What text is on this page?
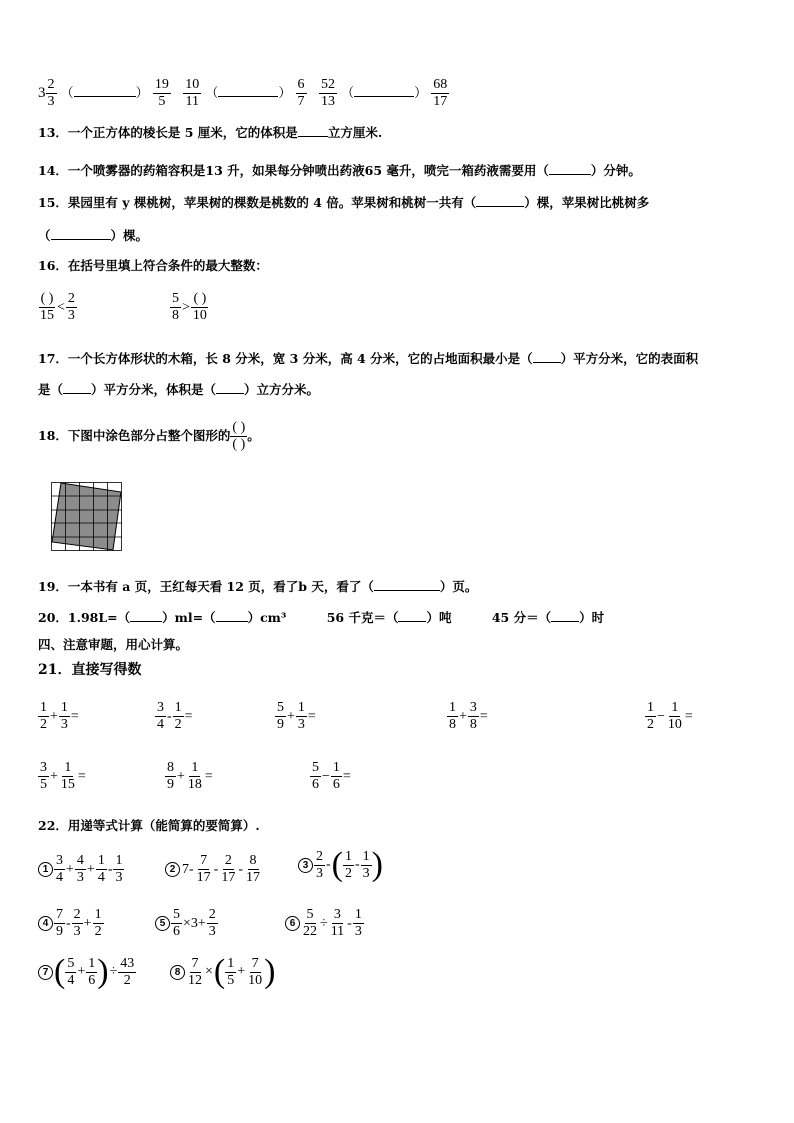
$3 \frac{2}{3}$ （	） $\frac{19}{5}$
$\frac{10}{11}$ （	） $\frac{6}{7}$
$\frac{52}{13}$ （	） $\frac{68}{17}$
13．一个正方体的棱长是 5 厘米，它的体积是 立方厘米.
14．一个喷雾器的药箱容积是13 升，如果每分钟喷出药液65 毫升，喷完一箱药液需要用（	）分钟。
15．果园里有 y 棵桃树，苹果树的棵数是桃数的 4 倍。苹果树和桃树一共有（	）棵，苹果树比桃树多
（	）棵。
16．在括号里填上符合条件的最大整数：
$\frac{( )}{15} < \frac{2}{3}$	$\frac{5}{8} > \frac{( )}{10}$
17．一个长方体形状的木箱，长 8 分米，宽 3 分米，高 4 分米，它的占地面积最小是（ ）平方分米，它的表面积
是（ ）平方分米，体积是（ ）立方分米。
18．下图中涂色部分占整个图形的 $\frac{( )}{( )}$ 。
19．一本书有 a 页，王红每天看 12 页，看了b 天，看了（	）页。
20．1.98L=（	）ml=（	）cm³	56 千克＝（ ）吨	45 分＝（ ）时
四、注意审题，用心计算。
21．直接写得数
$\frac{1}{2} + \frac{1}{3}$ =	$\frac{3}{4} - \frac{1}{2}$ =	$\frac{5}{9} + \frac{1}{3}$ =	$\frac{1}{8} + \frac{3}{8}$ =	$\frac{1}{2} - \frac{1}{10}$ =
$\frac{3}{5} + \frac{1}{15}$ =	$\frac{8}{9} + \frac{1}{18}$ =	$\frac{5}{6} - \frac{1}{6}$ =
22．用递等式计算（能简算的要简算）.
$1 \frac{3}{4} + \frac{4}{3} + \frac{1}{4} - \frac{1}{3}$	2 $7- \frac{7}{17} - \frac{2}{17} - \frac{8}{17}$	$3 \frac{2}{3}$ -( $\frac{1}{2} - \frac{1}{3}$ )
$4 \frac{7}{9} - \frac{2}{3} + \frac{1}{2}$	$5 \frac{5}{6} \times 3+ \frac{2}{3}$	$6 \frac{5}{22} \div \frac{3}{11} - \frac{1}{3}$
7 ( $\frac{5}{4} + \frac{1}{6}$ )÷ $\frac{43}{2}$	$8 \frac{7}{12}$ ×( $\frac{1}{5} + \frac{7}{10}$ )
